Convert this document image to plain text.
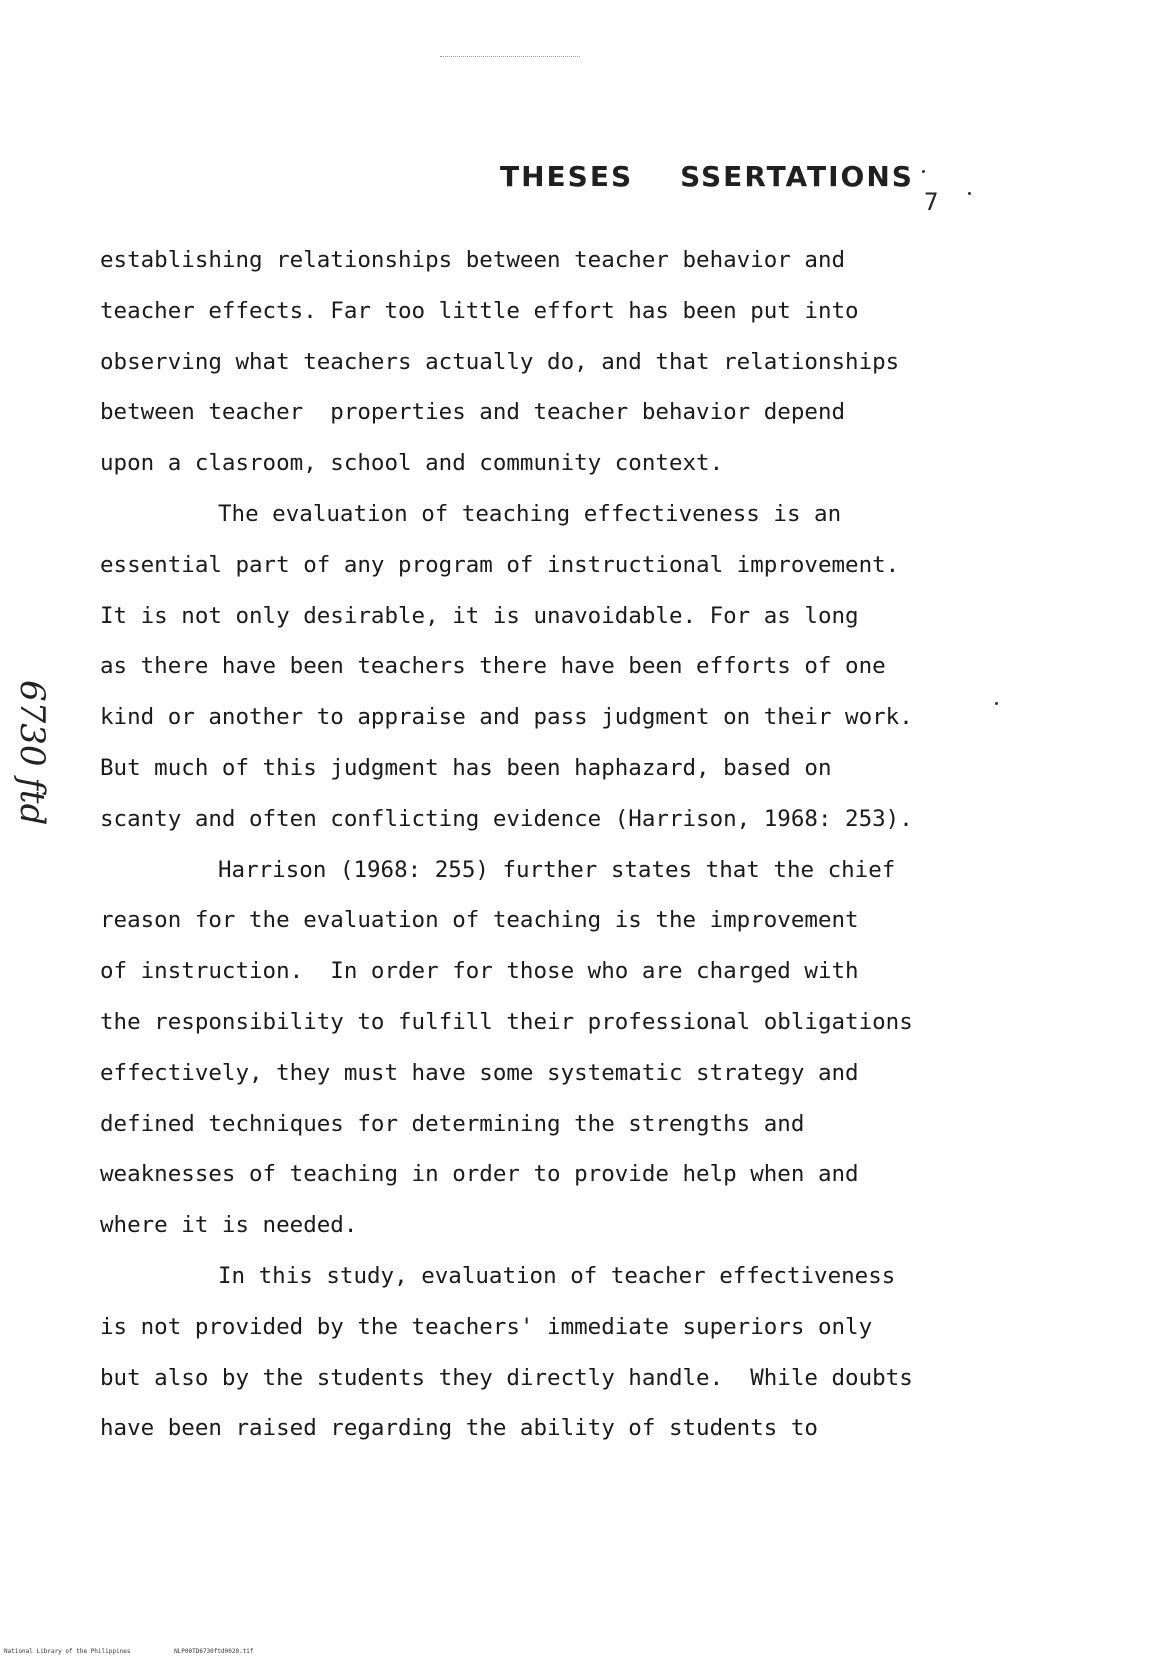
THESES    SSERTATIONS
7
6730 ftd
establishing relationships between teacher behavior and
teacher effects. Far too little effort has been put into
observing what teachers actually do, and that relationships
between teacher  properties and teacher behavior depend
upon a clasroom, school and community context.
The evaluation of teaching effectiveness is an
essential part of any program of instructional improvement.
It is not only desirable, it is unavoidable. For as long
as there have been teachers there have been efforts of one
kind or another to appraise and pass judgment on their work.
But much of this judgment has been haphazard, based on
scanty and often conflicting evidence (Harrison, 1968: 253).
Harrison (1968: 255) further states that the chief
reason for the evaluation of teaching is the improvement
of instruction.  In order for those who are charged with
the responsibility to fulfill their professional obligations
effectively, they must have some systematic strategy and
defined techniques for determining the strengths and
weaknesses of teaching in order to provide help when and
where it is needed.
In this study, evaluation of teacher effectiveness
is not provided by the teachers' immediate superiors only
but also by the students they directly handle.  While doubts
have been raised regarding the ability of students to
National Library of the Philippines	NLP00TD6730ftd0020.tif
